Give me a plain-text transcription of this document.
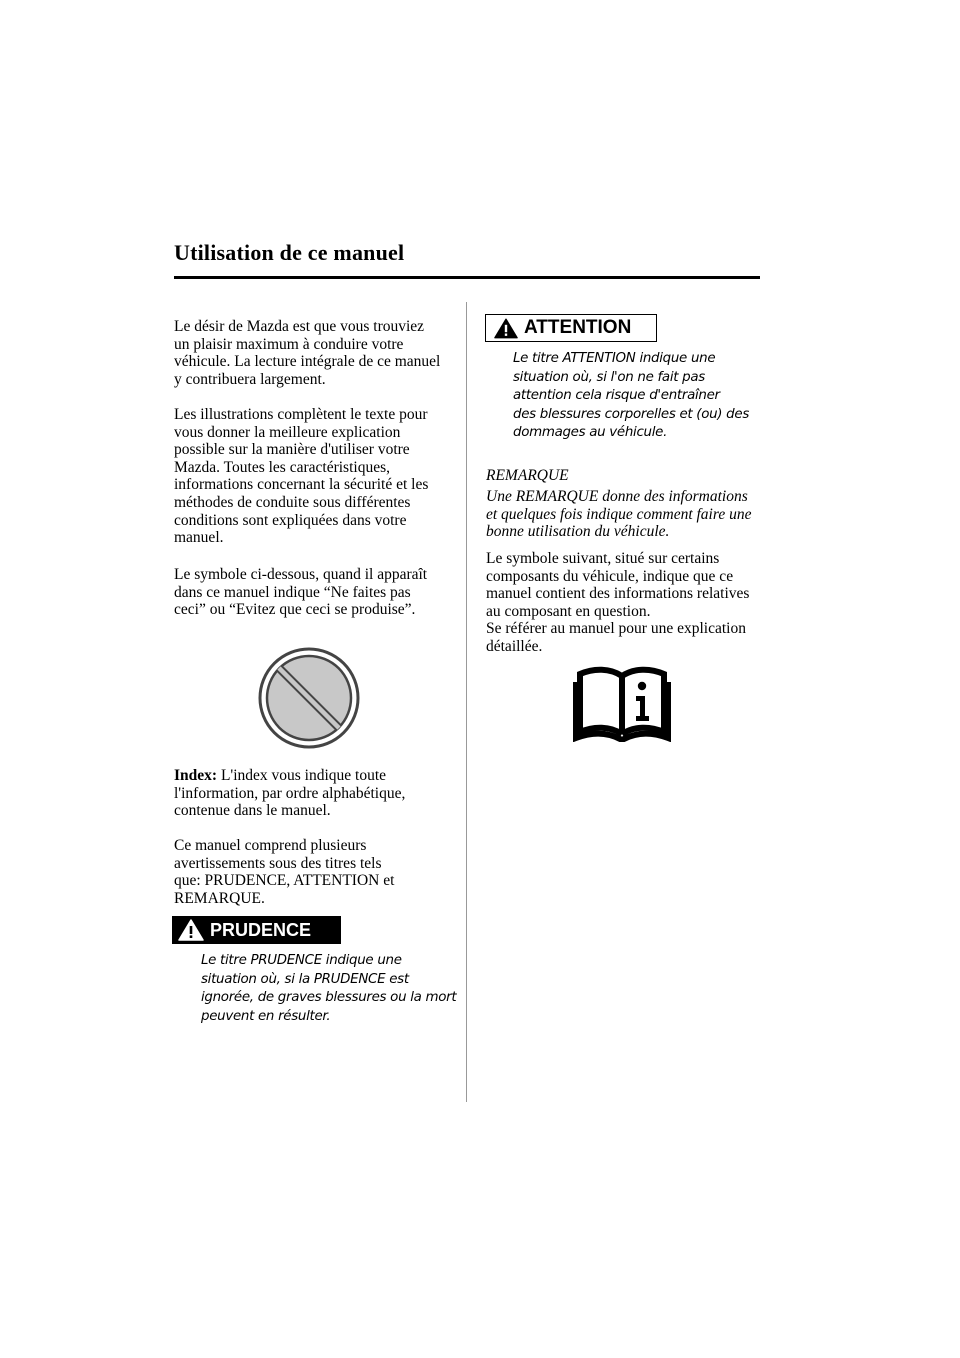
Utilisation de ce manuel
Le désir de Mazda est que vous trouviez
un plaisir maximum à conduire votre
véhicule. La lecture intégrale de ce manuel
y contribuera largement.
Les illustrations complètent le texte pour
vous donner la meilleure explication
possible sur la manière d'utiliser votre
Mazda. Toutes les caractéristiques,
informations concernant la sécurité et les
méthodes de conduite sous différentes
conditions sont expliquées dans votre
manuel.
Le symbole ci-dessous, quand il apparaît
dans ce manuel indique “Ne faites pas
ceci” ou “Evitez que ceci se produise”.
Index: L'index vous indique toute
l'information, par ordre alphabétique,
contenue dans le manuel.
Ce manuel comprend plusieurs
avertissements sous des titres tels
que: PRUDENCE, ATTENTION et
REMARQUE.
PRUDENCE
Le titre PRUDENCE indique une
situation où, si la PRUDENCE est
ignorée, de graves blessures ou la mort
peuvent en résulter.
ATTENTION
Le titre ATTENTION indique une
situation où, si l'on ne fait pas
attention cela risque d'entraîner
des blessures corporelles et (ou) des
dommages au véhicule.
REMARQUE
Une REMARQUE donne des informations
et quelques fois indique comment faire une
bonne utilisation du véhicule.
Le symbole suivant, situé sur certains
composants du véhicule, indique que ce
manuel contient des informations relatives
au composant en question.
Se référer au manuel pour une explication
détaillée.
